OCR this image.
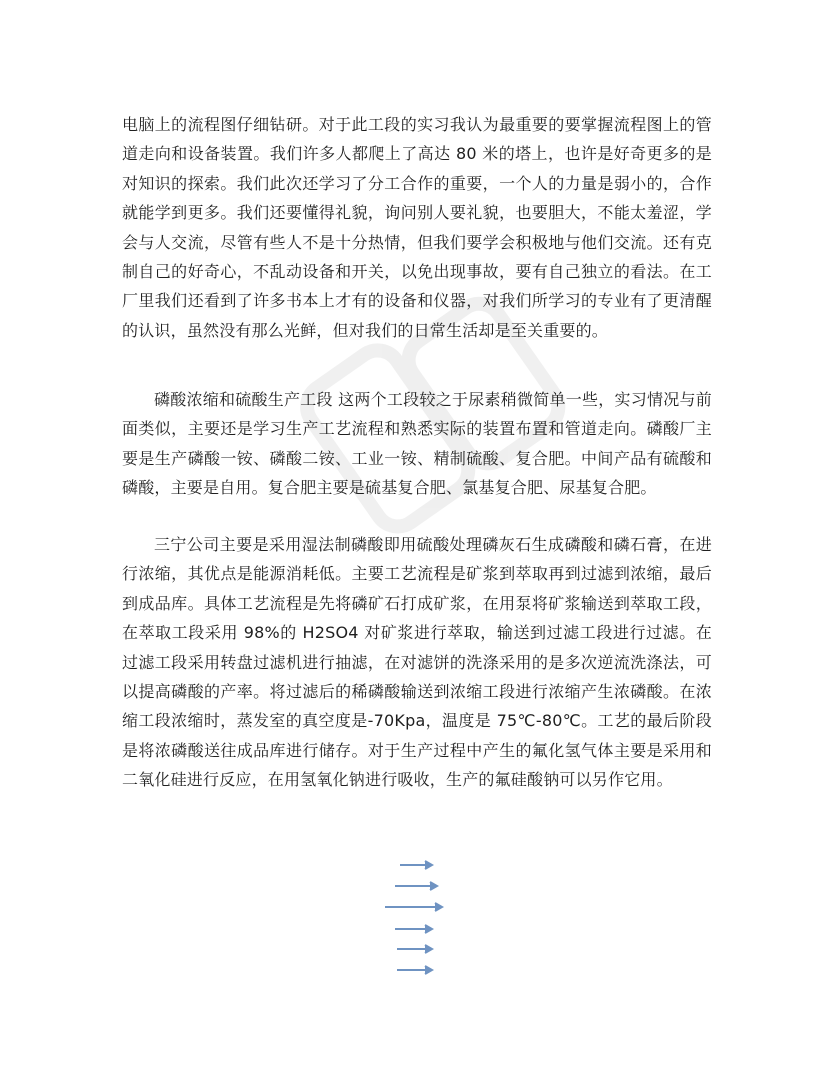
电脑上的流程图仔细钻研。对于此工段的实习我认为最重要的要掌握流程图上的管道走向和设备装置。我们许多人都爬上了高达 80 米的塔上，也许是好奇更多的是对知识的探索。我们此次还学习了分工合作的重要，一个人的力量是弱小的，合作就能学到更多。我们还要懂得礼貌，询问别人要礼貌，也要胆大，不能太羞涩，学会与人交流，尽管有些人不是十分热情，但我们要学会积极地与他们交流。还有克制自己的好奇心，不乱动设备和开关，以免出现事故，要有自己独立的看法。在工厂里我们还看到了许多书本上才有的设备和仪器，对我们所学习的专业有了更清醒的认识，虽然没有那么光鲜，但对我们的日常生活却是至关重要的。

磷酸浓缩和硫酸生产工段 这两个工段较之于尿素稍微简单一些，实习情况与前面类似，主要还是学习生产工艺流程和熟悉实际的装置布置和管道走向。磷酸厂主要是生产磷酸一铵、磷酸二铵、工业一铵、精制硫酸、复合肥。中间产品有硫酸和磷酸，主要是自用。复合肥主要是硫基复合肥、氯基复合肥、尿基复合肥。

三宁公司主要是采用湿法制磷酸即用硫酸处理磷灰石生成磷酸和磷石膏，在进行浓缩，其优点是能源消耗低。主要工艺流程是矿浆到萃取再到过滤到浓缩，最后到成品库。具体工艺流程是先将磷矿石打成矿浆，在用泵将矿浆输送到萃取工段，在萃取工段采用 98%的 H2SO4 对矿浆进行萃取，输送到过滤工段进行过滤。在过滤工段采用转盘过滤机进行抽滤，在对滤饼的洗涤采用的是多次逆流洗涤法，可以提高磷酸的产率。将过滤后的稀磷酸输送到浓缩工段进行浓缩产生浓磷酸。在浓缩工段浓缩时，蒸发室的真空度是-70Kpa，温度是 75℃-80℃。工艺的最后阶段是将浓磷酸送往成品库进行储存。对于生产过程中产生的氟化氢气体主要是采用和二氧化硅进行反应，在用氢氧化钠进行吸收，生产的氟硅酸钠可以另作它用。
